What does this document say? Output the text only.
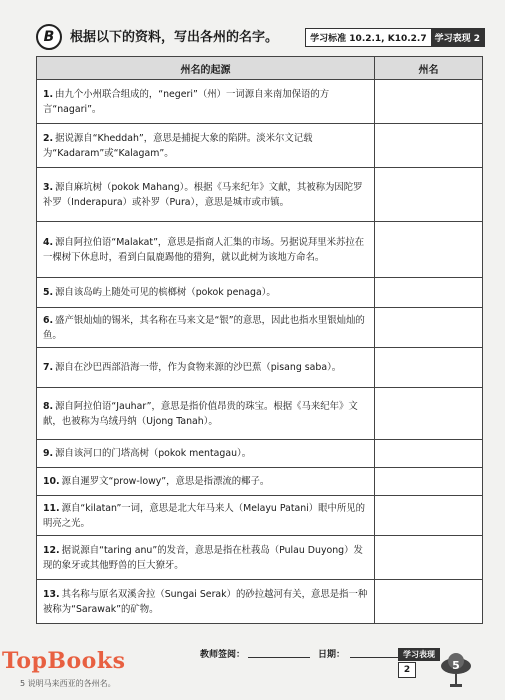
B	根据以下的资料，写出各州的名字。	学习标准 10.2.1, K10.2.7 学习表现 2
州名的起源	州名
1. 由九个小州联合组成的，“negeri”（州）一词源自来南加保语的方言“nagari”。	
2. 据说源自“Kheddah”，意思是捕捉大象的陷阱。淡米尔文记载为“Kadaram”或“Kalagam”。	
3. 源自麻坑树（pokok Mahang）。根据《马来纪年》文献，其被称为因陀罗补罗（Inderapura）或补罗（Pura），意思是城市或市镇。	
4. 源自阿拉伯语“Malakat”，意思是指商人汇集的市场。另据说拜里米苏拉在一棵树下休息时，看到白鼠鹿踢他的猎狗，就以此树为该地方命名。	
5. 源自该岛屿上随处可见的槟榔树（pokok penaga）。	
6. 盛产银灿灿的锡米，其名称在马来文是“银”的意思，因此也指水里银灿灿的鱼。	
7. 源自在沙巴西部沿海一带，作为食物来源的沙巴蕉（pisang saba）。	
8. 源自阿拉伯语“Jauhar”，意思是指价值昂贵的珠宝。根据《马来纪年》文献，也被称为乌绒丹纳（Ujong Tanah）。	
9. 源自该河口的门塔高树（pokok mentagau）。	
10. 源自暹罗文“prow-lowy”，意思是指漂流的椰子。	
11. 源自“kilatan”一词，意思是北大年马来人（Melayu Patani）眼中所见的明亮之光。	
12. 据说源自“taring anu”的发音，意思是指在杜莪岛（Pulau Duyong）发现的象牙或其他野兽的巨大獠牙。	
13. 其名称与原名双溪舍拉（Sungai Serak）的砂拉越河有关，意思是指一种被称为“Sarawak”的矿物。	
TopBooks
5 说明马来西亚的各州名。
教师签阅：	日期：	学习表现
2	5
